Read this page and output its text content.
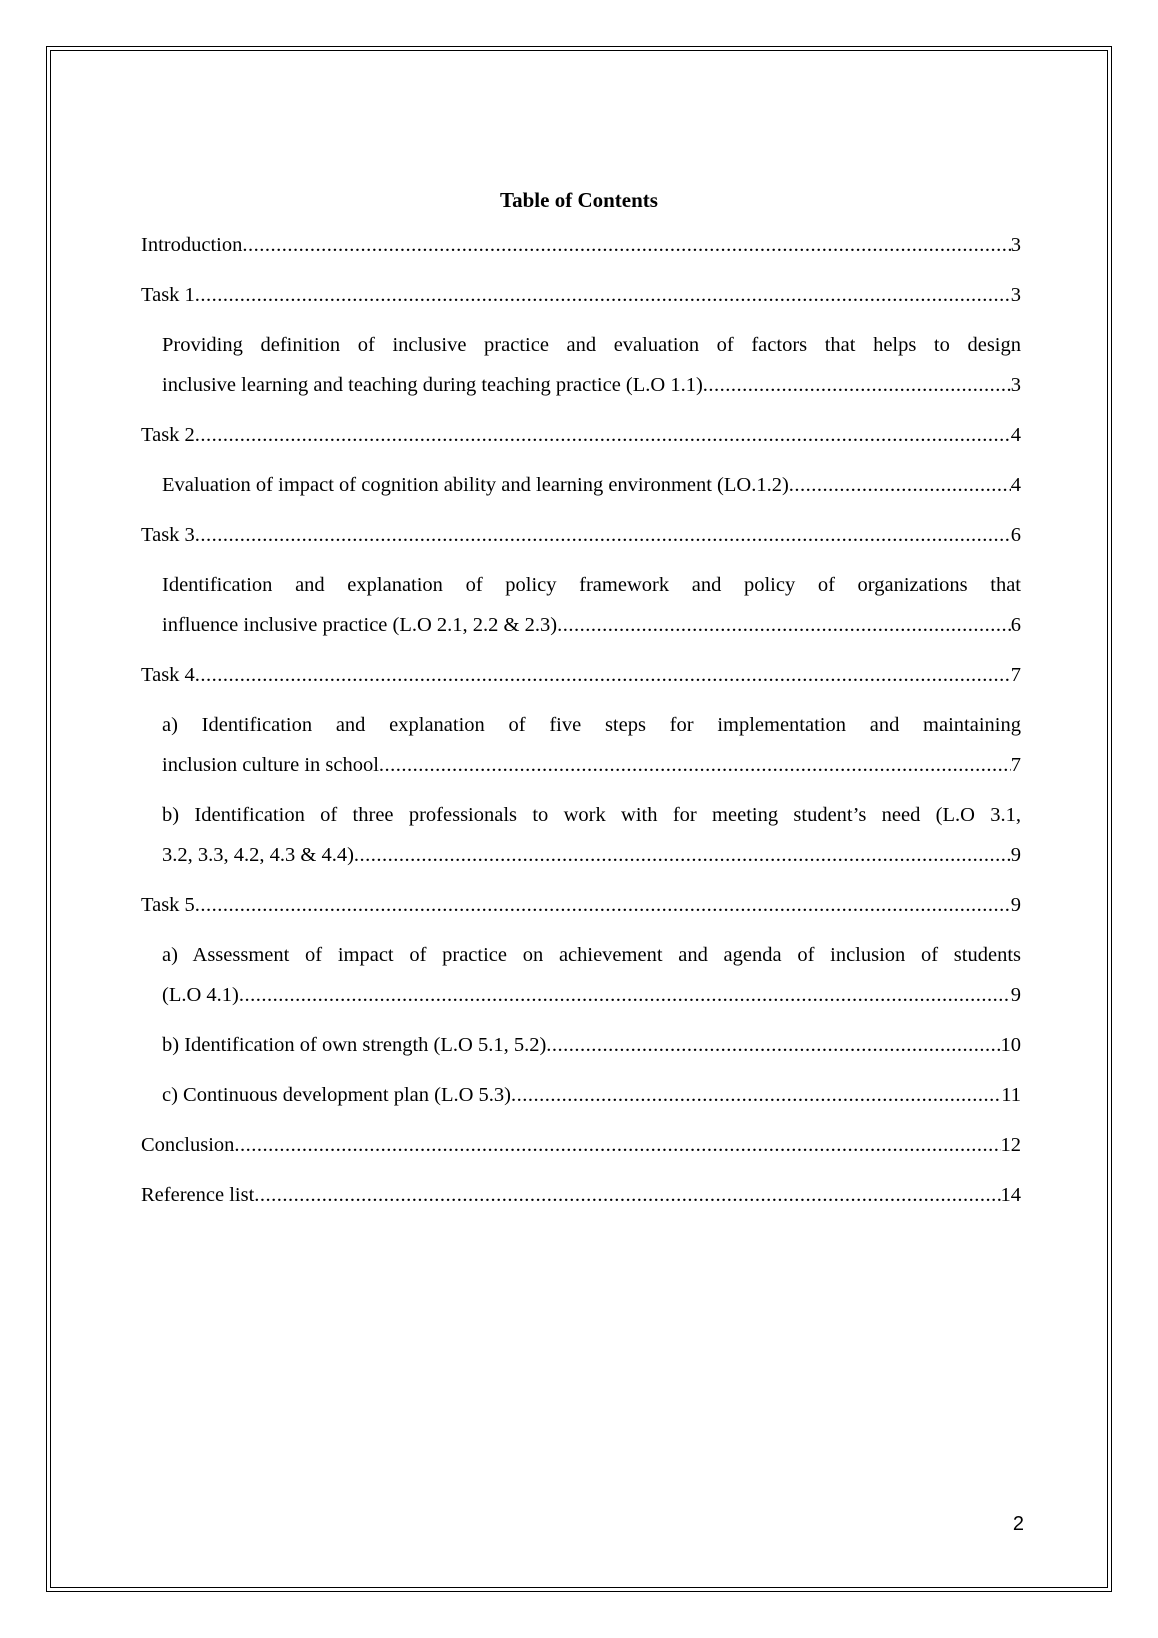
Table of Contents
Introduction .....	3
Task 1 .....	3
Providing definition of inclusive practice and evaluation of factors that helps to design
inclusive learning and teaching during teaching practice (L.O 1.1) .....	3
Task 2 .....	4
Evaluation of impact of cognition ability and learning environment (LO.1.2) .....	4
Task 3 .....	6
Identification and explanation of policy framework and policy of organizations that
influence inclusive practice (L.O 2.1, 2.2 & 2.3) .....	6
Task 4 .....	7
a) Identification and explanation of five steps for implementation and maintaining
inclusion culture in school .....	7
b) Identification of three professionals to work with for meeting student’s need (L.O 3.1,
3.2, 3.3, 4.2, 4.3 & 4.4) .....	9
Task 5 .....	9
a) Assessment of impact of practice on achievement and agenda of inclusion of students
(L.O 4.1) .....	9
b) Identification of own strength (L.O 5.1, 5.2) .....	10
c) Continuous development plan (L.O 5.3) .....	11
Conclusion .....	12
Reference list .....	14
2
